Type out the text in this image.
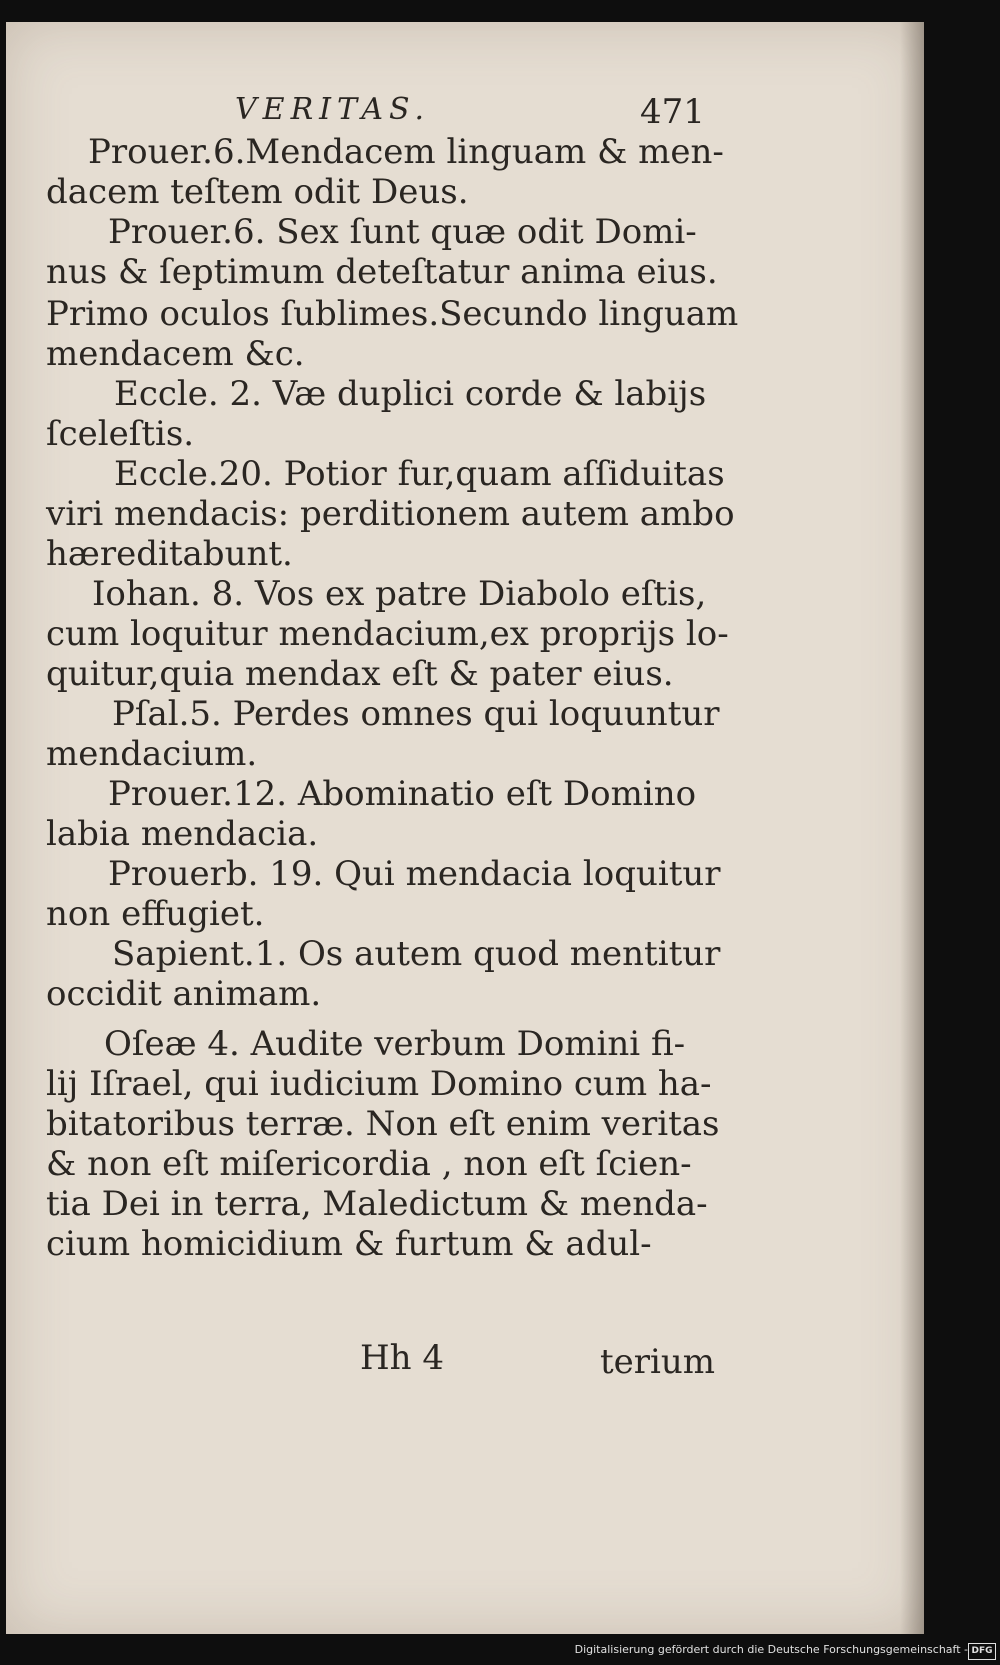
VERITAS.	471
Prouer.6.Mendacem linguam & men-
dacem teſtem odit Deus.
Prouer.6. Sex ſunt quæ odit Domi-
nus & ſeptimum deteſtatur anima eius.
Primo oculos ſublimes.Secundo linguam
mendacem &c.
Eccle. 2. Væ duplici corde & labijs
ſceleſtis.
Eccle.20. Potior fur,quam aſſiduitas
viri mendacis: perditionem autem ambo
hæreditabunt.
Iohan. 8. Vos ex patre Diabolo eſtis,
cum loquitur mendacium,ex proprijs lo-
quitur,quia mendax eſt & pater eius.
Pſal.5. Perdes omnes qui loquuntur
mendacium.
Prouer.12. Abominatio eſt Domino
labia mendacia.
Prouerb. 19. Qui mendacia loquitur
non effugiet.
Sapient.1. Os autem quod mentitur
occidit animam.
Oſeæ 4. Audite verbum Domini fi-
lij Iſrael, qui iudicium Domino cum ha-
bitatoribus terræ. Non eſt enim veritas
& non eſt miſericordia , non eſt ſcien-
tia Dei in terra, Maledictum & menda-
cium homicidium & furtum & adul-
Hh 4	terium
Digitalisierung gefördert durch die Deutsche Forschungsgemeinschaft - DFG
